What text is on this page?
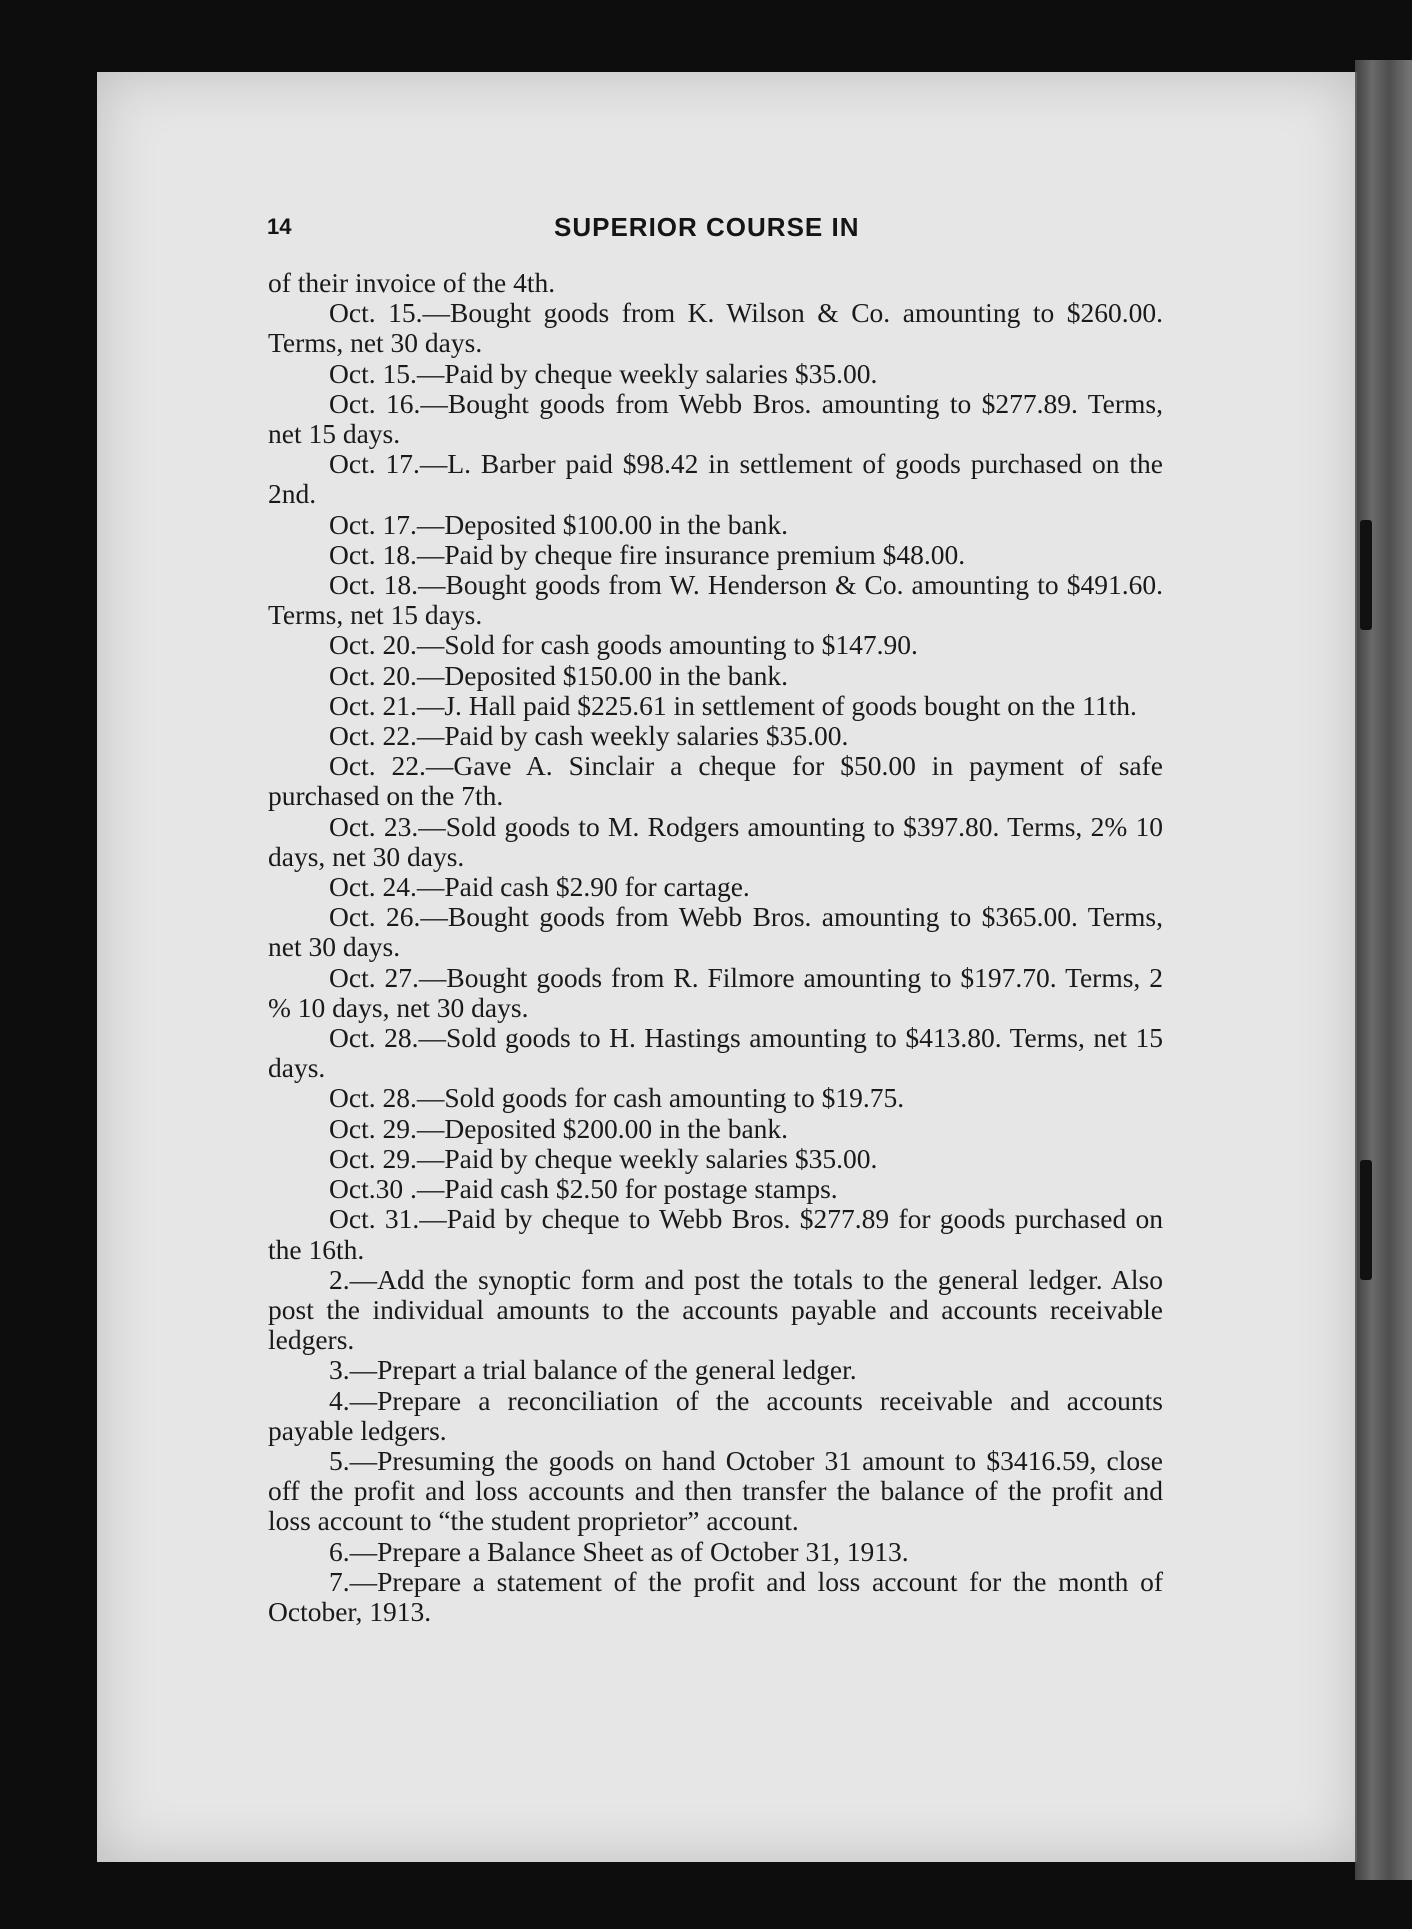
14	SUPERIOR COURSE IN

of their invoice of the 4th.

Oct. 15.—Bought goods from K. Wilson & Co. amounting to $260.00. Terms, net 30 days.

Oct. 15.—Paid by cheque weekly salaries $35.00.

Oct. 16.—Bought goods from Webb Bros. amounting to $277.89. Terms, net 15 days.

Oct. 17.—L. Barber paid $98.42 in settlement of goods purchased on the 2nd.

Oct. 17.—Deposited $100.00 in the bank.

Oct. 18.—Paid by cheque fire insurance premium $48.00.

Oct. 18.—Bought goods from W. Henderson & Co. amounting to $491.60. Terms, net 15 days.

Oct. 20.—Sold for cash goods amounting to $147.90.

Oct. 20.—Deposited $150.00 in the bank.

Oct. 21.—J. Hall paid $225.61 in settlement of goods bought on the 11th.

Oct. 22.—Paid by cash weekly salaries $35.00.

Oct. 22.—Gave A. Sinclair a cheque for $50.00 in payment of safe purchased on the 7th.

Oct. 23.—Sold goods to M. Rodgers amounting to $397.80. Terms, 2% 10 days, net 30 days.

Oct. 24.—Paid cash $2.90 for cartage.

Oct. 26.—Bought goods from Webb Bros. amounting to $365.00. Terms, net 30 days.

Oct. 27.—Bought goods from R. Filmore amounting to $197.70. Terms, 2 % 10 days, net 30 days.

Oct. 28.—Sold goods to H. Hastings amounting to $413.80. Terms, net 15 days.

Oct. 28.—Sold goods for cash amounting to $19.75.

Oct. 29.—Deposited $200.00 in the bank.

Oct. 29.—Paid by cheque weekly salaries $35.00.

Oct.30 .—Paid cash $2.50 for postage stamps.

Oct. 31.—Paid by cheque to Webb Bros. $277.89 for goods purchased on the 16th.

2.—Add the synoptic form and post the totals to the general ledger. Also post the individual amounts to the accounts payable and accounts receivable ledgers.

3.—Prepart a trial balance of the general ledger.

4.—Prepare a reconciliation of the accounts receivable and accounts payable ledgers.

5.—Presuming the goods on hand October 31 amount to $3416.59, close off the profit and loss accounts and then transfer the balance of the profit and loss account to “the student proprietor” account.

6.—Prepare a Balance Sheet as of October 31, 1913.

7.—Prepare a statement of the profit and loss account for the month of October, 1913.
